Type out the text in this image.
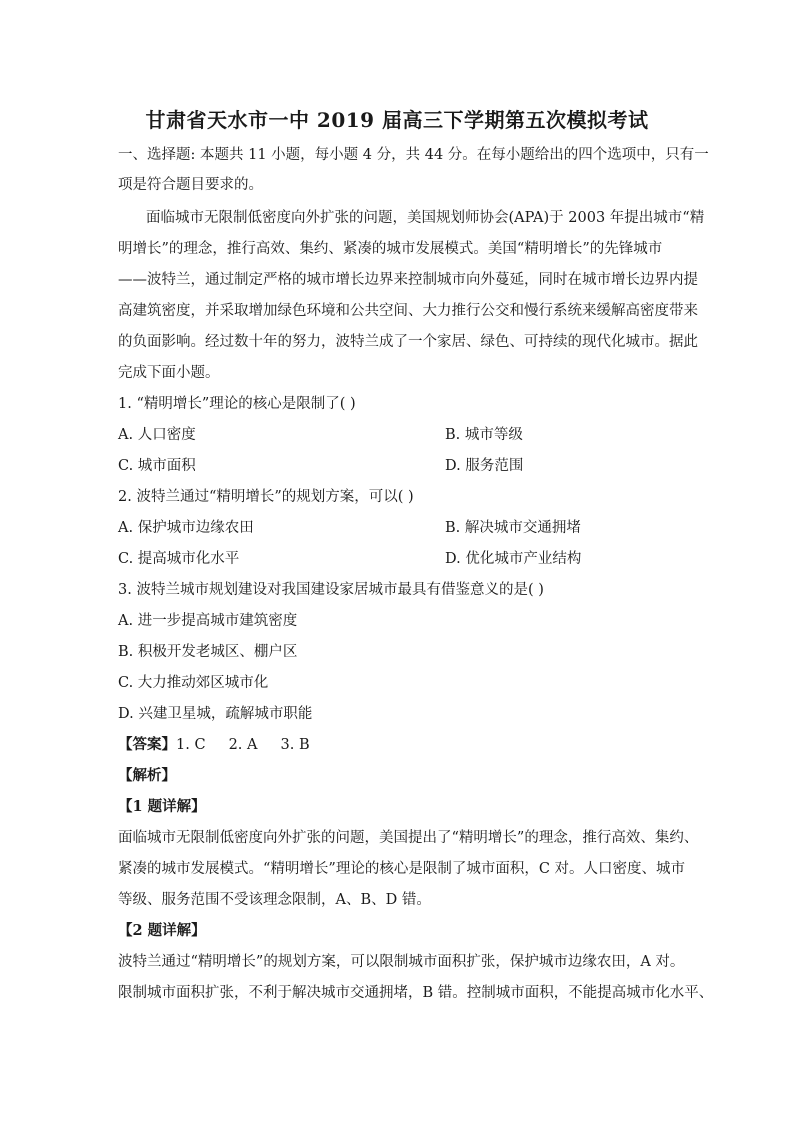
甘肃省天水市一中 2019 届高三下学期第五次模拟考试
一、选择题: 本题共 11 小题，每小题 4 分，共 44 分。在每小题给出的四个选项中，只有一
项是符合题目要求的。
面临城市无限制低密度向外扩张的问题，美国规划师协会(APA)于 2003 年提出城市“精
明增长”的理念，推行高效、集约、紧凑的城市发展模式。美国“精明增长”的先锋城市
——波特兰，通过制定严格的城市增长边界来控制城市向外蔓延，同时在城市增长边界内提
高建筑密度，并采取增加绿色环境和公共空间、大力推行公交和慢行系统来缓解高密度带来
的负面影响。经过数十年的努力，波特兰成了一个家居、绿色、可持续的现代化城市。据此
完成下面小题。
1. “精明增长”理论的核心是限制了( )
A. 人口密度	B. 城市等级
C. 城市面积	D. 服务范围
2. 波特兰通过“精明增长”的规划方案，可以( )
A. 保护城市边缘农田	B. 解决城市交通拥堵
C. 提高城市化水平	D. 优化城市产业结构
3. 波特兰城市规划建设对我国建设家居城市最具有借鉴意义的是( )
A. 进一步提高城市建筑密度
B. 积极开发老城区、棚户区
C. 大力推动郊区城市化
D. 兴建卫星城，疏解城市职能
【答案】1. C     2. A     3. B
【解析】
【1 题详解】
面临城市无限制低密度向外扩张的问题，美国提出了“精明增长”的理念，推行高效、集约、
紧凑的城市发展模式。“精明增长”理论的核心是限制了城市面积，C 对。人口密度、城市
等级、服务范围不受该理念限制，A、B、D 错。
【2 题详解】
波特兰通过“精明增长”的规划方案，可以限制城市面积扩张，保护城市边缘农田，A 对。
限制城市面积扩张，不利于解决城市交通拥堵，B 错。控制城市面积，不能提高城市化水平、
